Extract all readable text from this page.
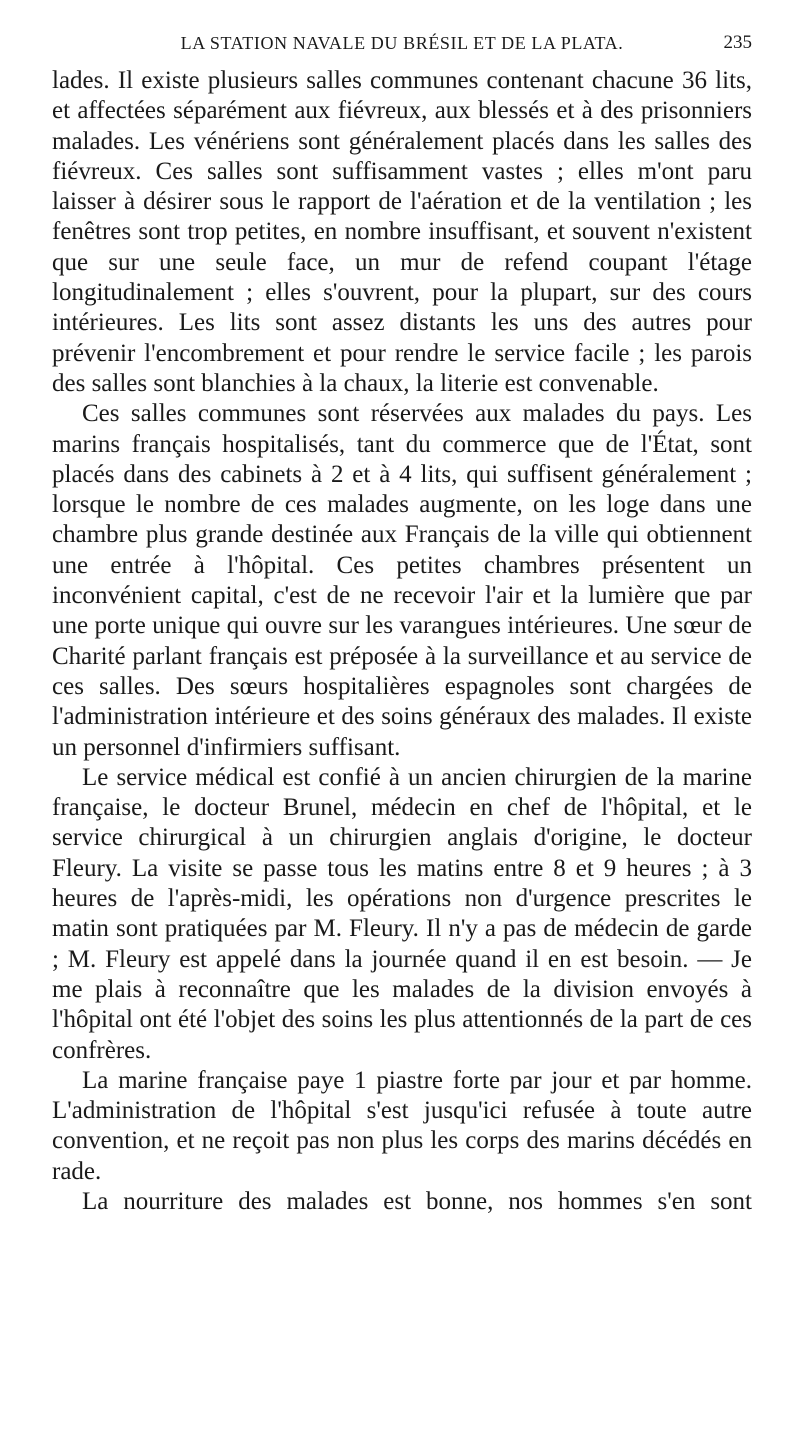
LA STATION NAVALE DU BRÉSIL ET DE LA PLATA.	235

lades. Il existe plusieurs salles communes contenant chacune 36 lits, et affectées séparément aux fiévreux, aux blessés et à des prisonniers malades. Les vénériens sont généralement placés dans les salles des fiévreux. Ces salles sont suffisamment vastes ; elles m'ont paru laisser à désirer sous le rapport de l'aération et de la ventilation ; les fenêtres sont trop petites, en nombre insuffisant, et souvent n'existent que sur une seule face, un mur de refend coupant l'étage longitudinalement ; elles s'ouvrent, pour la plupart, sur des cours intérieures. Les lits sont assez distants les uns des autres pour prévenir l'encombrement et pour rendre le service facile ; les parois des salles sont blanchies à la chaux, la literie est convenable.

Ces salles communes sont réservées aux malades du pays. Les marins français hospitalisés, tant du commerce que de l'État, sont placés dans des cabinets à 2 et à 4 lits, qui suffisent généralement ; lorsque le nombre de ces malades augmente, on les loge dans une chambre plus grande destinée aux Français de la ville qui obtiennent une entrée à l'hôpital. Ces petites chambres présentent un inconvénient capital, c'est de ne recevoir l'air et la lumière que par une porte unique qui ouvre sur les varangues intérieures. Une sœur de Charité parlant français est préposée à la surveillance et au service de ces salles. Des sœurs hospitalières espagnoles sont chargées de l'administration intérieure et des soins généraux des malades. Il existe un personnel d'infirmiers suffisant.

Le service médical est confié à un ancien chirurgien de la marine française, le docteur Brunel, médecin en chef de l'hôpital, et le service chirurgical à un chirurgien anglais d'origine, le docteur Fleury. La visite se passe tous les matins entre 8 et 9 heures ; à 3 heures de l'après-midi, les opérations non d'urgence prescrites le matin sont pratiquées par M. Fleury. Il n'y a pas de médecin de garde ; M. Fleury est appelé dans la journée quand il en est besoin. — Je me plais à reconnaître que les malades de la division envoyés à l'hôpital ont été l'objet des soins les plus attentionnés de la part de ces confrères.

La marine française paye 1 piastre forte par jour et par homme. L'administration de l'hôpital s'est jusqu'ici refusée à toute autre convention, et ne reçoit pas non plus les corps des marins décédés en rade.

La nourriture des malades est bonne, nos hommes s'en sont
